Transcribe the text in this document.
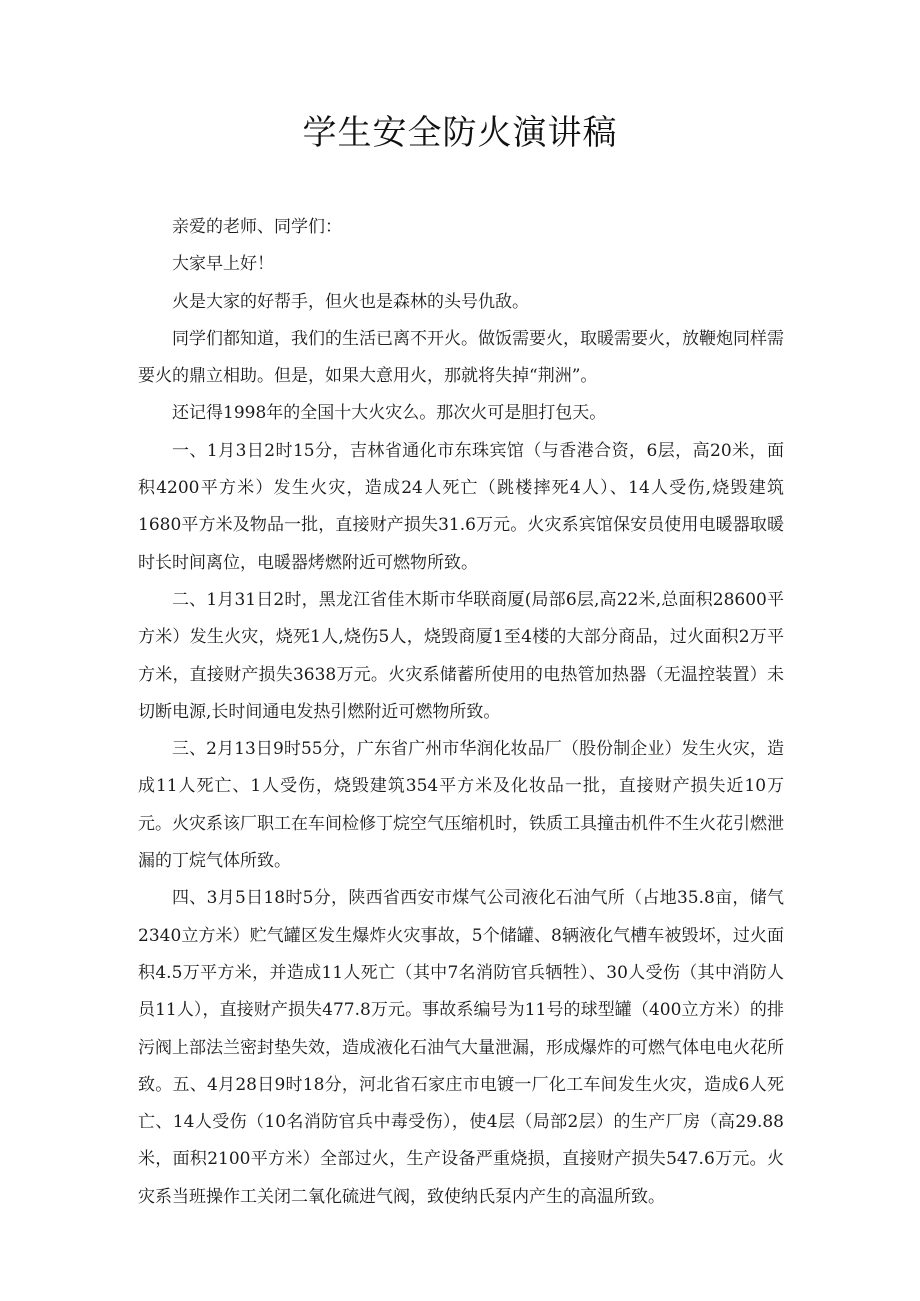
学生安全防火演讲稿

亲爱的老师、同学们：

大家早上好！

火是大家的好帮手，但火也是森林的头号仇敌。

同学们都知道，我们的生活已离不开火。做饭需要火，取暖需要火，放鞭炮同样需要火的鼎立相助。但是，如果大意用火，那就将失掉“荆洲”。

还记得1998年的全国十大火灾么。那次火可是胆打包天。

一、1月3日2时15分，吉林省通化市东珠宾馆（与香港合资，6层，高20米，面积4200平方米）发生火灾，造成24人死亡（跳楼摔死4人）、14人受伤,烧毁建筑1680平方米及物品一批，直接财产损失31.6万元。火灾系宾馆保安员使用电暖器取暖时长时间离位，电暖器烤燃附近可燃物所致。

二、1月31日2时，黑龙江省佳木斯市华联商厦(局部6层,高22米,总面积28600平方米）发生火灾，烧死1人,烧伤5人，烧毁商厦1至4楼的大部分商品，过火面积2万平方米，直接财产损失3638万元。火灾系储蓄所使用的电热管加热器（无温控装置）未切断电源,长时间通电发热引燃附近可燃物所致。

三、2月13日9时55分，广东省广州市华润化妆品厂（股份制企业）发生火灾，造成11人死亡、1人受伤，烧毁建筑354平方米及化妆品一批，直接财产损失近10万元。火灾系该厂职工在车间检修丁烷空气压缩机时，铁质工具撞击机件不生火花引燃泄漏的丁烷气体所致。

四、3月5日18时5分，陕西省西安市煤气公司液化石油气所（占地35.8亩，储气2340立方米）贮气罐区发生爆炸火灾事故，5个储罐、8辆液化气槽车被毁坏，过火面积4.5万平方米，并造成11人死亡（其中7名消防官兵牺牲）、30人受伤（其中消防人员11人），直接财产损失477.8万元。事故系编号为11号的球型罐（400立方米）的排污阀上部法兰密封垫失效，造成液化石油气大量泄漏，形成爆炸的可燃气体电电火花所致。五、4月28日9时18分，河北省石家庄市电镀一厂化工车间发生火灾，造成6人死亡、14人受伤（10名消防官兵中毒受伤），使4层（局部2层）的生产厂房（高29.88米，面积2100平方米）全部过火，生产设备严重烧损，直接财产损失547.6万元。火灾系当班操作工关闭二氧化硫进气阀，致使纳氏泵内产生的高温所致。
